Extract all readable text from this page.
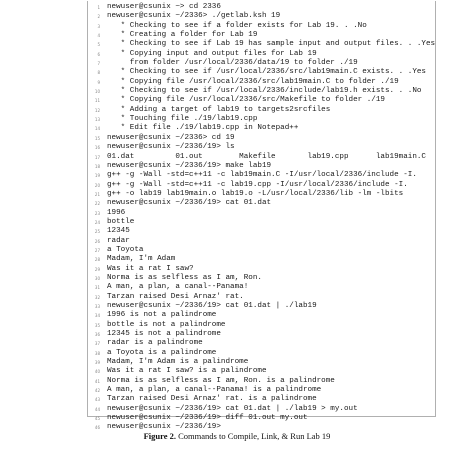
1 newuser@csunix ~> cd 2336
2 newuser@csunix ~/2336> ./getlab.ksh 19
3 * Checking to see if a folder exists for Lab 19. . .No
4 * Creating a folder for Lab 19
5 * Checking to see if Lab 19 has sample input and output files. . .Yes
6 * Copying input and output files for Lab 19
7 from folder /usr/local/2336/data/19 to folder ./19
8 * Checking to see if /usr/local/2336/src/lab19main.C exists. . .Yes
9 * Copying file /usr/local/2336/src/lab19main.C to folder ./19
10 * Checking to see if /usr/local/2336/include/lab19.h exists. . .No
11 * Copying file /usr/local/2336/src/Makefile to folder ./19
12 * Adding a target of lab19 to targets2srcfiles
13 * Touching file ./19/lab19.cpp
14 * Edit file ./19/lab19.cpp in Notepad++
15 newuser@csunix ~/2336> cd 19
16 newuser@csunix ~/2336/19> ls
17 01.dat         01.out        Makefile       lab19.cpp      lab19main.C
18 newuser@csunix ~/2336/19> make lab19
19 g++ -g -Wall -std=c++11 -c lab19main.C -I/usr/local/2336/include -I.
20 g++ -g -Wall -std=c++11 -c lab19.cpp -I/usr/local/2336/include -I.
21 g++ -o lab19 lab19main.o lab19.o -L/usr/local/2336/lib -lm -lbits
22 newuser@csunix ~/2336/19> cat 01.dat
23 1996
24 bottle
25 12345
26 radar
27 a Toyota
28 Madam, I'm Adam
29 Was it a rat I saw?
30 Norma is as selfless as I am, Ron.
31 A man, a plan, a canal--Panama!
32 Tarzan raised Desi Arnaz' rat.
33 newuser@csunix ~/2336/19> cat 01.dat | ./lab19
34 1996 is not a palindrome
35 bottle is not a palindrome
36 12345 is not a palindrome
37 radar is a palindrome
38 a Toyota is a palindrome
39 Madam, I'm Adam is a palindrome
40 Was it a rat I saw? is a palindrome
41 Norma is as selfless as I am, Ron. is a palindrome
42 A man, a plan, a canal--Panama! is a palindrome
43 Tarzan raised Desi Arnaz' rat. is a palindrome
44 newuser@csunix ~/2336/19> cat 01.dat | ./lab19 > my.out
45 newuser@csunix ~/2336/19> diff 01.out my.out
46 newuser@csunix ~/2336/19>
Figure 2. Commands to Compile, Link, & Run Lab 19
